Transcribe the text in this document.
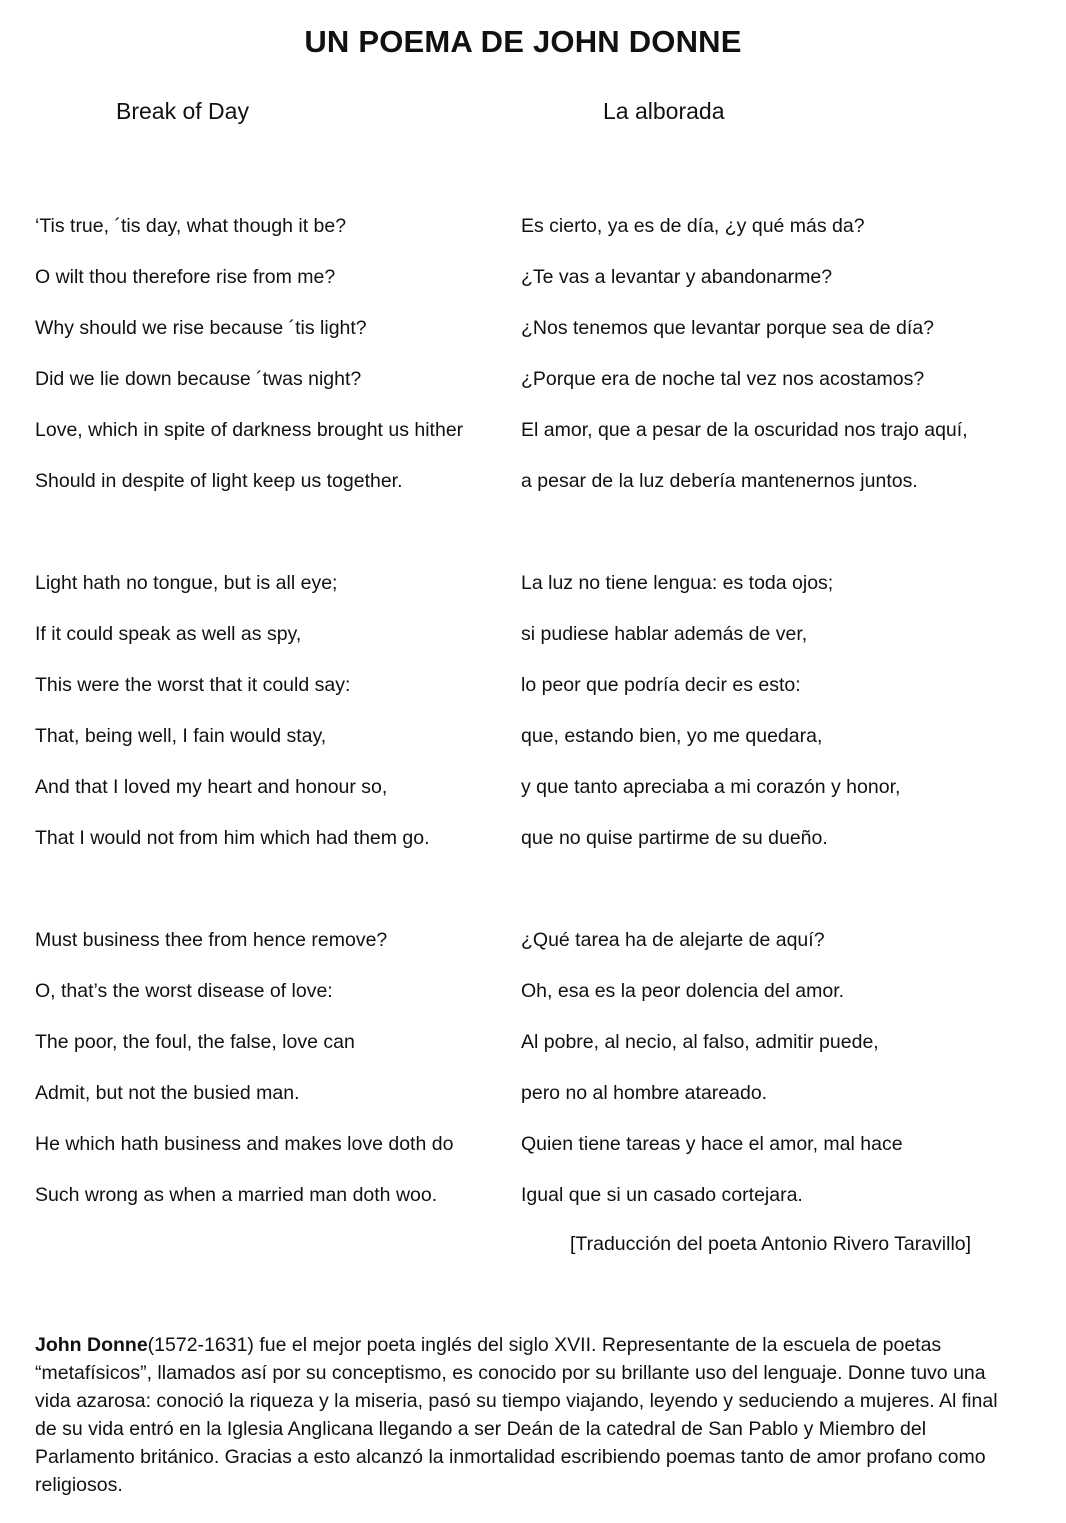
UN POEMA DE JOHN DONNE
Break of Day	La alborada
‘Tis true, ´tis day, what though it be?
O wilt thou therefore rise from me?
Why should we rise because ´tis light?
Did we lie down because ´twas night?
Love, which in spite of darkness brought us hither
Should in despite of light keep us together.
Light hath no tongue, but is all eye;
If it could speak as well as spy,
This were the worst that it could say:
That, being well, I fain would stay,
And that I loved my heart and honour so,
That I would not from him which had them go.
Must business thee from hence remove?
O, that’s the worst disease of love:
The poor, the foul, the false, love can
Admit, but not the busied man.
He which hath business and makes love doth do
Such wrong as when a married man doth woo.
Es cierto, ya es de día, ¿y qué más da?
¿Te vas a levantar y abandonarme?
¿Nos tenemos que levantar porque sea de día?
¿Porque era de noche tal vez nos acostamos?
El amor, que a pesar de la oscuridad nos trajo aquí,
a pesar de la luz debería mantenernos juntos.
La luz no tiene lengua: es toda ojos;
si pudiese hablar además de ver,
lo peor que podría decir es esto:
que, estando bien, yo me quedara,
y que tanto apreciaba a mi corazón y honor,
que no quise partirme de su dueño.
¿Qué tarea ha de alejarte de aquí?
Oh, esa es la peor dolencia del amor.
Al pobre, al necio, al falso, admitir puede,
pero no al hombre atareado.
Quien tiene tareas y hace el amor, mal hace
Igual que si un casado cortejara.
[Traducción del poeta Antonio Rivero Taravillo]
John Donne(1572-1631) fue el mejor poeta inglés del siglo XVII. Representante de la escuela de poetas “metafísicos”, llamados así por su conceptismo, es conocido por su brillante uso del lenguaje. Donne tuvo una vida azarosa: conoció la riqueza y la miseria, pasó su tiempo viajando, leyendo y seduciendo a mujeres. Al final de su vida entró en la Iglesia Anglicana llegando a ser Deán de la catedral de San Pablo y Miembro del Parlamento británico. Gracias a esto alcanzó la inmortalidad escribiendo poemas tanto de amor profano como religiosos.
